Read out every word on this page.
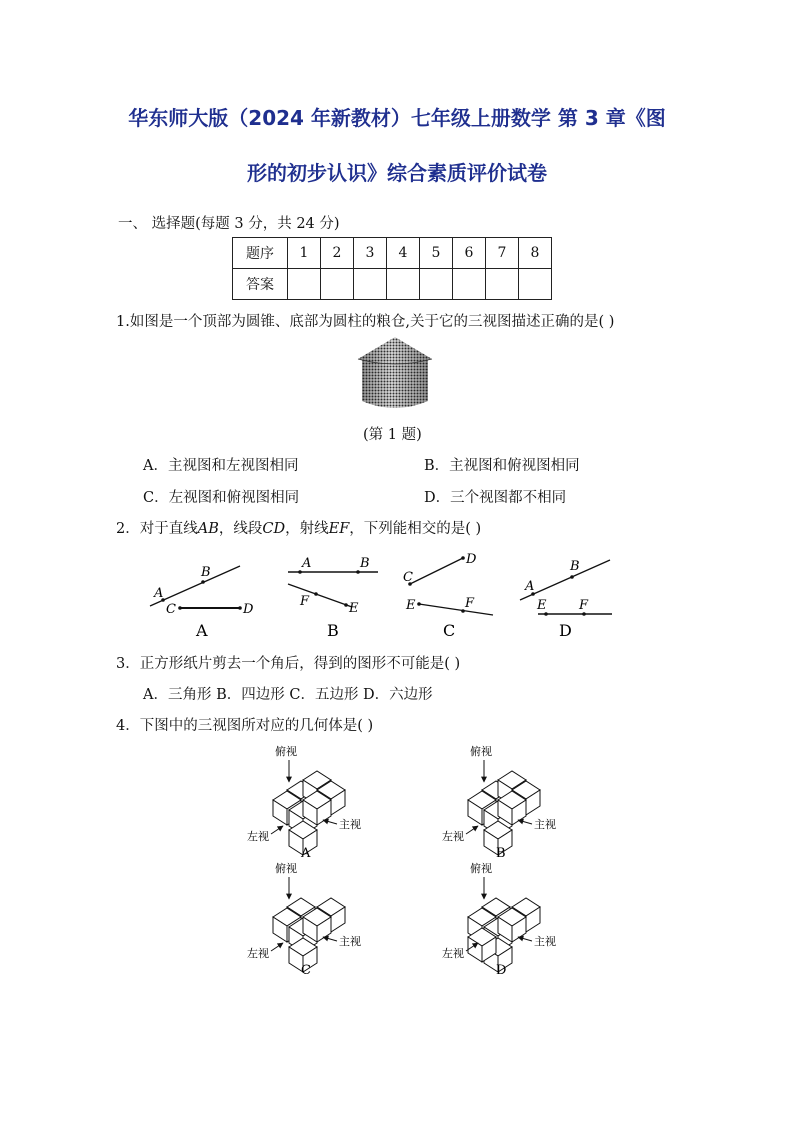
华东师大版（2024 年新教材）七年级上册数学 第 3 章《图
形的初步认识》综合素质评价试卷
一、 选择题(每题 3 分，共 24 分)
题序	1	2	3	4	5	6	7	8
答案								
1.如图是一个顶部为圆锥、底部为圆柱的粮仓,关于它的三视图描述正确的是( )
(第 1 题)
A．主视图和左视图相同	B．主视图和俯视图相同
C．左视图和俯视图相同	D．三个视图都不相同
2．对于直线AB，线段CD，射线EF，下列能相交的是( )
A
B
C	D
A
A	B
F	E
B
C
D
E	F
C
A
B
E	F
D
3．正方形纸片剪去一个角后，得到的图形不可能是( )
A．三角形 B．四边形 C．五边形 D．六边形
4．下图中的三视图所对应的几何体是( )
俯视
左视
主视
A
俯视
左视
主视
B
俯视
左视
主视
C
俯视
左视
主视
D
